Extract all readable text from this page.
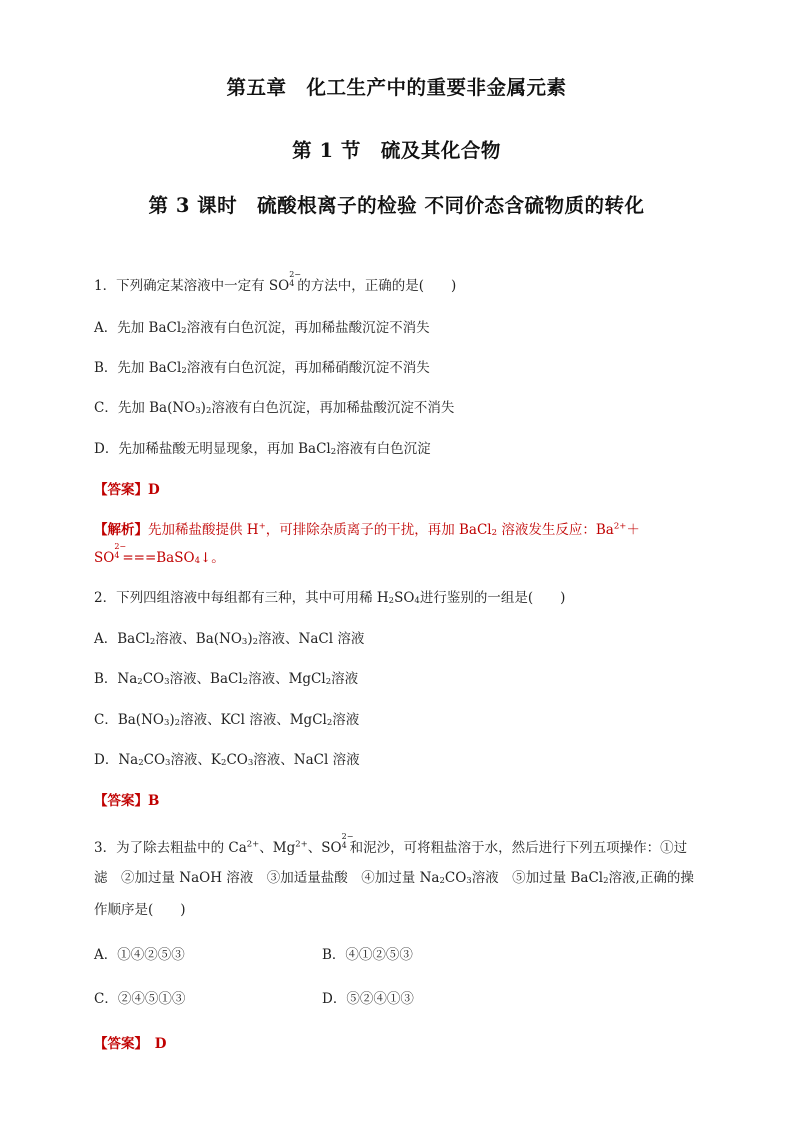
第五章　化工生产中的重要非金属元素
第 1 节　硫及其化合物
第 3 课时　硫酸根离子的检验 不同价态含硫物质的转化
1．下列确定某溶液中一定有 SO
2−
4 的方法中，正确的是(　　)
A．先加 BaCl$_2$溶液有白色沉淀，再加稀盐酸沉淀不消失
B．先加 BaCl$_2$溶液有白色沉淀，再加稀硝酸沉淀不消失
C．先加 $Ba(NO_3)_2$溶液有白色沉淀，再加稀盐酸沉淀不消失
D．先加稀盐酸无明显现象，再加 BaCl$_2$溶液有白色沉淀
【答案】D
【解析】先加稀盐酸提供 H+，可排除杂质离子的干扰，再加 BaCl$_2$ 溶液发生反应：$Ba^{2+}+$
SO
2−
4 ===BaSO$_4$↓。
2．下列四组溶液中每组都有三种，其中可用稀 $H_2SO_4$进行鉴别的一组是(　　)
A．BaCl$_2$溶液、$Ba(NO_3)_2$溶液、NaCl 溶液
B．$Na_2CO_3$溶液、BaCl$_2$溶液、MgCl$_2$溶液
C．$Ba(NO_3)_2$溶液、KCl 溶液、MgCl$_2$溶液
D．$Na_2CO_3$溶液、$K_2CO_3$溶液、NaCl 溶液
【答案】B
3．为了除去粗盐中的 $Ca^{2+}$、$Mg^{2+}$、SO
2−
4 和泥沙，可将粗盐溶于水，然后进行下列五项操作：①过
滤　②加过量 NaOH 溶液　③加适量盐酸　④加过量 $Na_2CO_3$溶液　⑤加过量 BaCl$_2$溶液,正确的操
作顺序是(　　)
A．①④②⑤③	B．④①②⑤③
C．②④⑤①③	D．⑤②④①③
【答案】　D
